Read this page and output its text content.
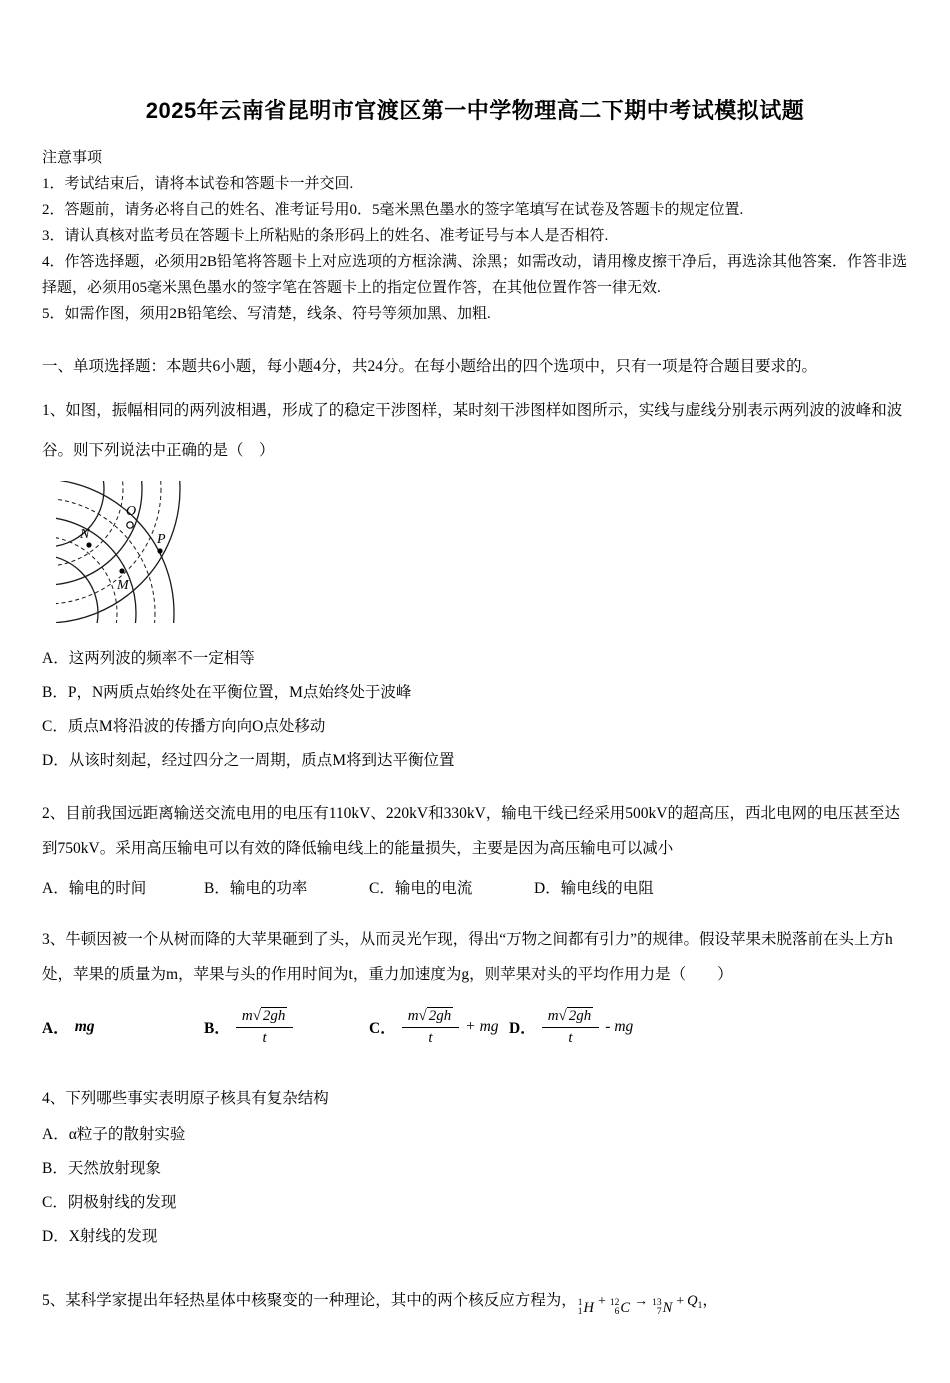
2025年云南省昆明市官渡区第一中学物理高二下期中考试模拟试题
注意事项
1．考试结束后，请将本试卷和答题卡一并交回.
2．答题前，请务必将自己的姓名、准考证号用0．5毫米黑色墨水的签字笔填写在试卷及答题卡的规定位置.
3．请认真核对监考员在答题卡上所粘贴的条形码上的姓名、准考证号与本人是否相符.
4．作答选择题，必须用2B铅笔将答题卡上对应选项的方框涂满、涂黑；如需改动，请用橡皮擦干净后，再选涂其他答案．作答非选择题，必须用05毫米黑色墨水的签字笔在答题卡上的指定位置作答，在其他位置作答一律无效.
5．如需作图，须用2B铅笔绘、写清楚，线条、符号等须加黑、加粗.

一、单项选择题：本题共6小题，每小题4分，共24分。在每小题给出的四个选项中，只有一项是符合题目要求的。

1、如图，振幅相同的两列波相遇，形成了的稳定干涉图样，某时刻干涉图样如图所示，实线与虚线分别表示两列波的波峰和波谷。则下列说法中正确的是（　）

O
N	P
M
A．这两列波的频率不一定相等
B．P，N两质点始终处在平衡位置，M点始终处于波峰
C．质点M将沿波的传播方向向O点处移动
D．从该时刻起，经过四分之一周期，质点M将到达平衡位置

2、目前我国远距离输送交流电用的电压有110kV、220kV和330kV，输电干线已经采用500kV的超高压，西北电网的电压甚至达到750kV。采用高压输电可以有效的降低输电线上的能量损失，主要是因为高压输电可以减小

A．输电的时间	B．输电的功率	C．输电的电流	D．输电线的电阻

3、牛顿因被一个从树而降的大苹果砸到了头，从而灵光乍现，得出“万物之间都有引力”的规律。假设苹果未脱落前在头上方h处，苹果的质量为m，苹果与头的作用时间为t，重力加速度为g，则苹果对头的平均作用力是（　　）

A． mg	B． $\frac{m√ 2gh}{t}$	C． $\frac{m√ 2gh}{t}$ + mg D． $\frac{m√ 2gh}{t}$ - mg

4、下列哪些事实表明原子核具有复杂结构

A．α粒子的散射实验
B．天然放射现象
C．阴极射线的发现
D．X射线的发现

5、某科学家提出年轻热星体中核聚变的一种理论，其中的两个核反应方程为， 1
1 H + 12
6 C → 13
7 $N + Q_1$，
